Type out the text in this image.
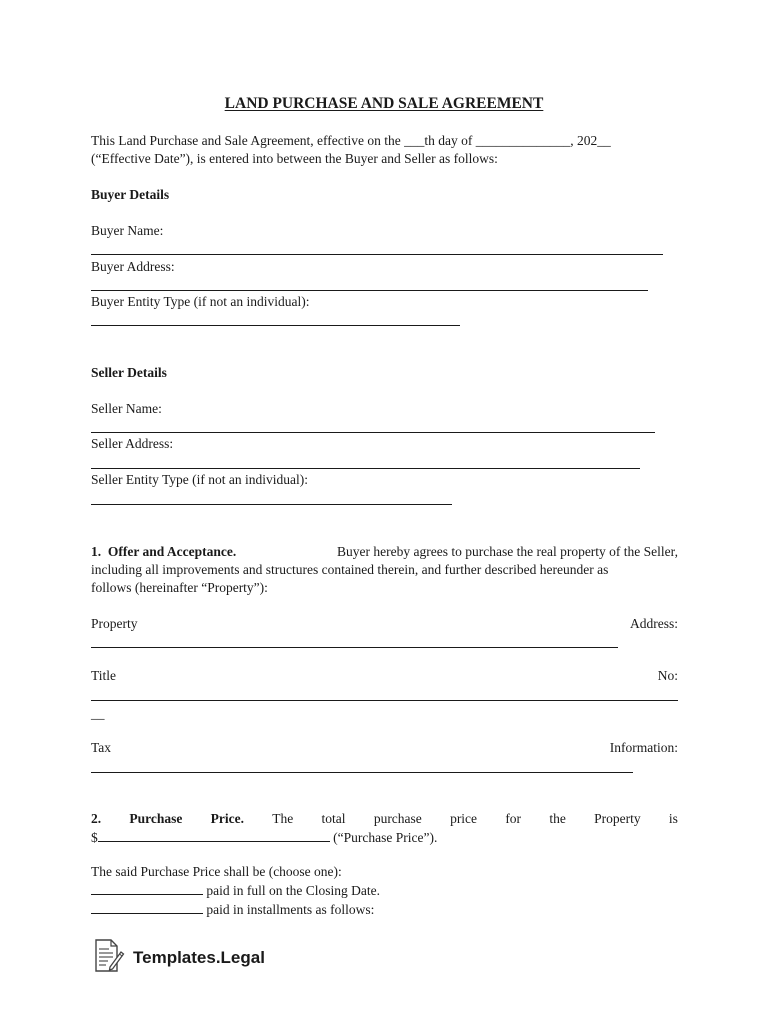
LAND PURCHASE AND SALE AGREEMENT
This Land Purchase and Sale Agreement, effective on the ___th day of ______________, 202__
(“Effective Date”), is entered into between the Buyer and Seller as follows:
Buyer Details
Buyer Name:
Buyer Address:
Buyer Entity Type (if not an individual):
Seller Details
Seller Name:
Seller Address:
Seller Entity Type (if not an individual):
1. Offer and Acceptance.	Buyer hereby agrees to purchase the real property of the Seller,
including all improvements and structures contained therein, and further described hereunder as
follows (hereinafter “Property”):
Property	Address:
Title	No:
__
Tax	Information:
2. Purchase Price. The total purchase price for the Property is
$	(“Purchase Price”).
The said Purchase Price shall be (choose one):
paid in full on the Closing Date.
paid in installments as follows:
Templates.Legal
